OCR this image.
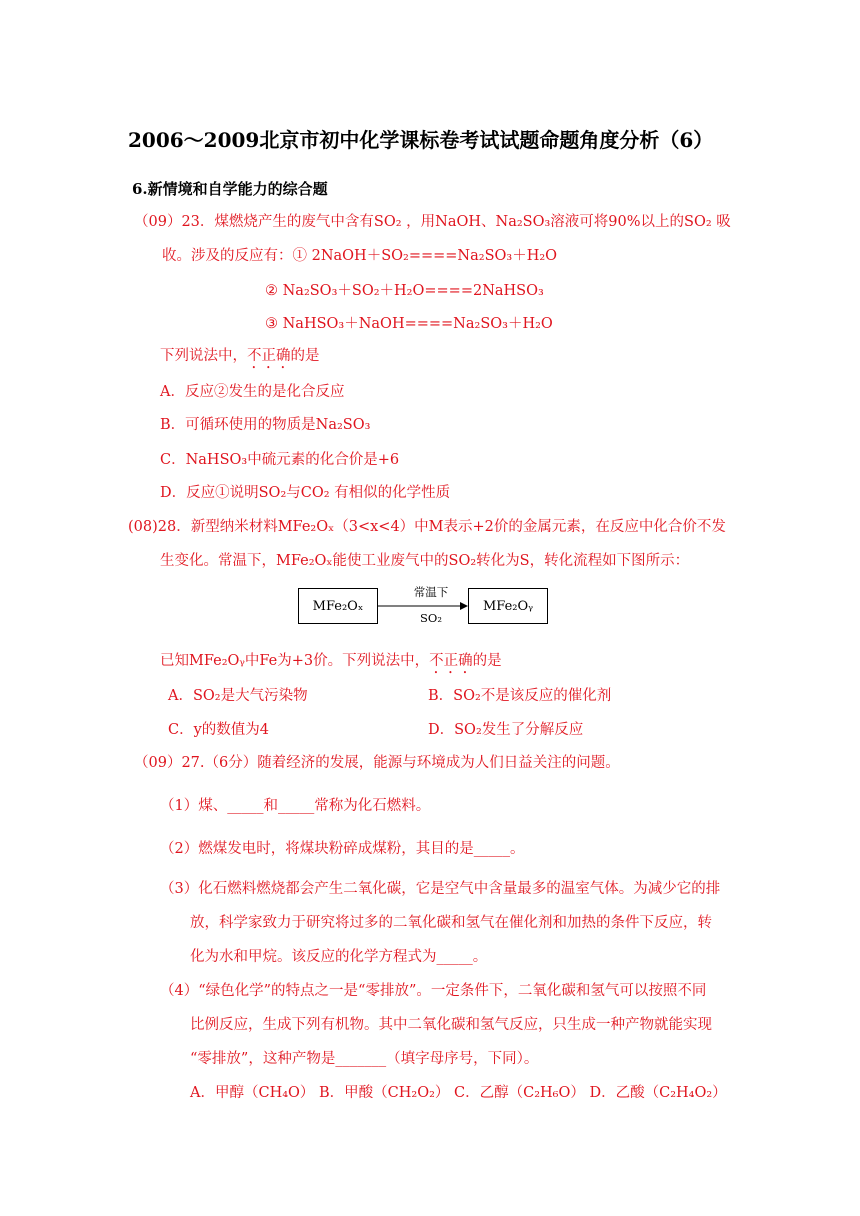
2006～2009北京市初中化学课标卷考试试题命题角度分析（6）
6.新情境和自学能力的综合题
（09）23．煤燃烧产生的废气中含有SO₂ ，用NaOH、Na₂SO₃溶液可将90%以上的SO₂ 吸
收。涉及的反应有：① 2NaOH＋SO₂====Na₂SO₃＋H₂O
② Na₂SO₃＋SO₂＋H₂O====2NaHSO₃
③ NaHSO₃＋NaOH====Na₂SO₃＋H₂O
下列说法中，不正确的是
A．反应②发生的是化合反应
B．可循环使用的物质是Na₂SO₃
C．NaHSO₃中硫元素的化合价是+6
D．反应①说明SO₂与CO₂ 有相似的化学性质
(08)28．新型纳米材料MFe₂Oₓ（3<x<4）中M表示+2价的金属元素，在反应中化合价不发
生变化。常温下，MFe₂Oₓ能使工业废气中的SO₂转化为S，转化流程如下图所示：
MFe₂Oₓ
常温下
SO₂
MFe₂Oᵧ
已知MFe₂Oᵧ中Fe为+3价。下列说法中，不正确的是
A．SO₂是大气污染物	B．SO₂不是该反应的催化剂
C．y的数值为4	D．SO₂发生了分解反应
（09）27.（6分）随着经济的发展，能源与环境成为人们日益关注的问题。
（1）煤、_____和_____常称为化石燃料。
（2）燃煤发电时，将煤块粉碎成煤粉，其目的是_____。
（3）化石燃料燃烧都会产生二氧化碳，它是空气中含量最多的温室气体。为减少它的排
放，科学家致力于研究将过多的二氧化碳和氢气在催化剂和加热的条件下反应，转
化为水和甲烷。该反应的化学方程式为_____。
（4）“绿色化学”的特点之一是“零排放”。一定条件下，二氧化碳和氢气可以按照不同
比例反应，生成下列有机物。其中二氧化碳和氢气反应，只生成一种产物就能实现
“零排放”，这种产物是_______（填字母序号，下同）。
A．甲醇（CH₄O） B．甲酸（CH₂O₂） C．乙醇（C₂H₆O） D．乙酸（C₂H₄O₂）
